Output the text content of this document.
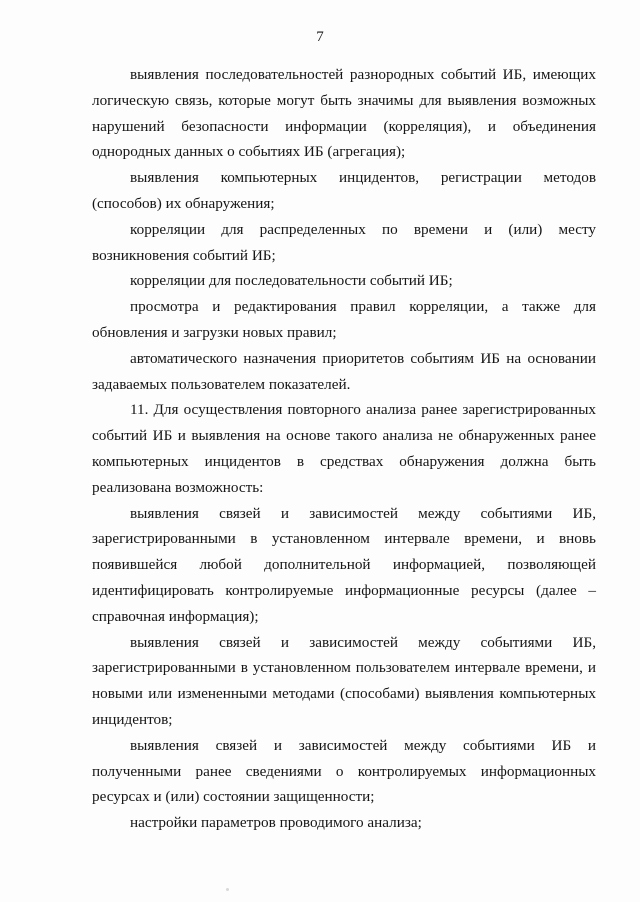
7

выявления последовательностей разнородных событий ИБ, имеющих логическую связь, которые могут быть значимы для выявления возможных нарушений безопасности информации (корреляция), и объединения однородных данных о событиях ИБ (агрегация);

выявления компьютерных инцидентов, регистрации методов (способов) их обнаружения;

корреляции для распределенных по времени и (или) месту возникновения событий ИБ;

корреляции для последовательности событий ИБ;

просмотра и редактирования правил корреляции, а также для обновления и загрузки новых правил;

автоматического назначения приоритетов событиям ИБ на основании задаваемых пользователем показателей.

11. Для осуществления повторного анализа ранее зарегистрированных событий ИБ и выявления на основе такого анализа не обнаруженных ранее компьютерных инцидентов в средствах обнаружения должна быть реализована возможность:

выявления связей и зависимостей между событиями ИБ, зарегистрированными в установленном интервале времени, и вновь появившейся любой дополнительной информацией, позволяющей идентифицировать контролируемые информационные ресурсы (далее – справочная информация);

выявления связей и зависимостей между событиями ИБ, зарегистрированными в установленном пользователем интервале времени, и новыми или измененными методами (способами) выявления компьютерных инцидентов;

выявления связей и зависимостей между событиями ИБ и полученными ранее сведениями о контролируемых информационных ресурсах и (или) состоянии защищенности;

настройки параметров проводимого анализа;
